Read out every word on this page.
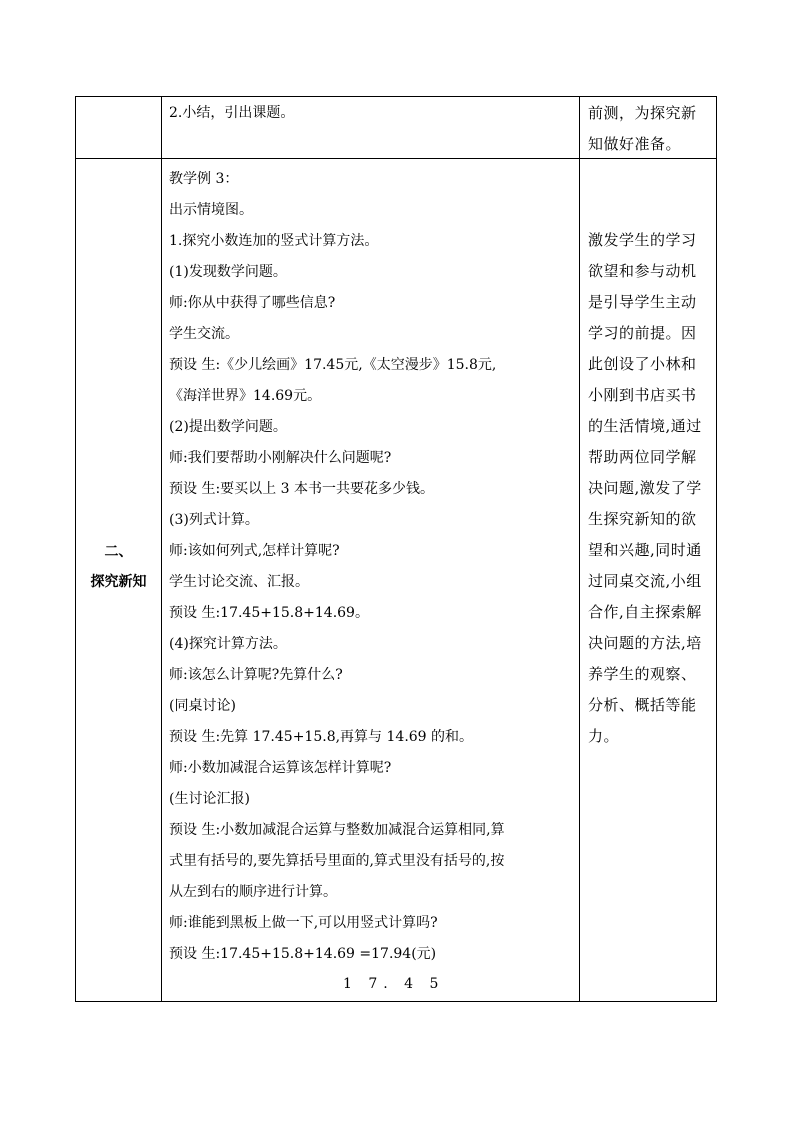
2.小结，引出课题。	前测，为探究新
知做好准备。
二、
探究新知
教学例 3：
出示情境图。
1.探究小数连加的竖式计算方法。
(1)发现数学问题。
师:你从中获得了哪些信息?
学生交流。
预设 生:《少儿绘画》17.45元,《太空漫步》15.8元,
《海洋世界》14.69元。
(2)提出数学问题。
师:我们要帮助小刚解决什么问题呢?
预设 生:要买以上 3 本书一共要花多少钱。
(3)列式计算。
师:该如何列式,怎样计算呢?
学生讨论交流、汇报。
预设 生:17.45+15.8+14.69。
(4)探究计算方法。
师:该怎么计算呢?先算什么?
(同桌讨论)
预设 生:先算 17.45+15.8,再算与 14.69 的和。
师:小数加减混合运算该怎样计算呢?
(生讨论汇报)
预设 生:小数加减混合运算与整数加减混合运算相同,算
式里有括号的,要先算括号里面的,算式里没有括号的,按
从左到右的顺序进行计算。
师:谁能到黑板上做一下,可以用竖式计算吗?
预设 生:17.45+15.8+14.69 =17.94(元)
1 7. 4 5
激发学生的学习
欲望和参与动机
是引导学生主动
学习的前提。因
此创设了小林和
小刚到书店买书
的生活情境,通过
帮助两位同学解
决问题,激发了学
生探究新知的欲
望和兴趣,同时通
过同桌交流,小组
合作,自主探索解
决问题的方法,培
养学生的观察、
分析、概括等能
力。
